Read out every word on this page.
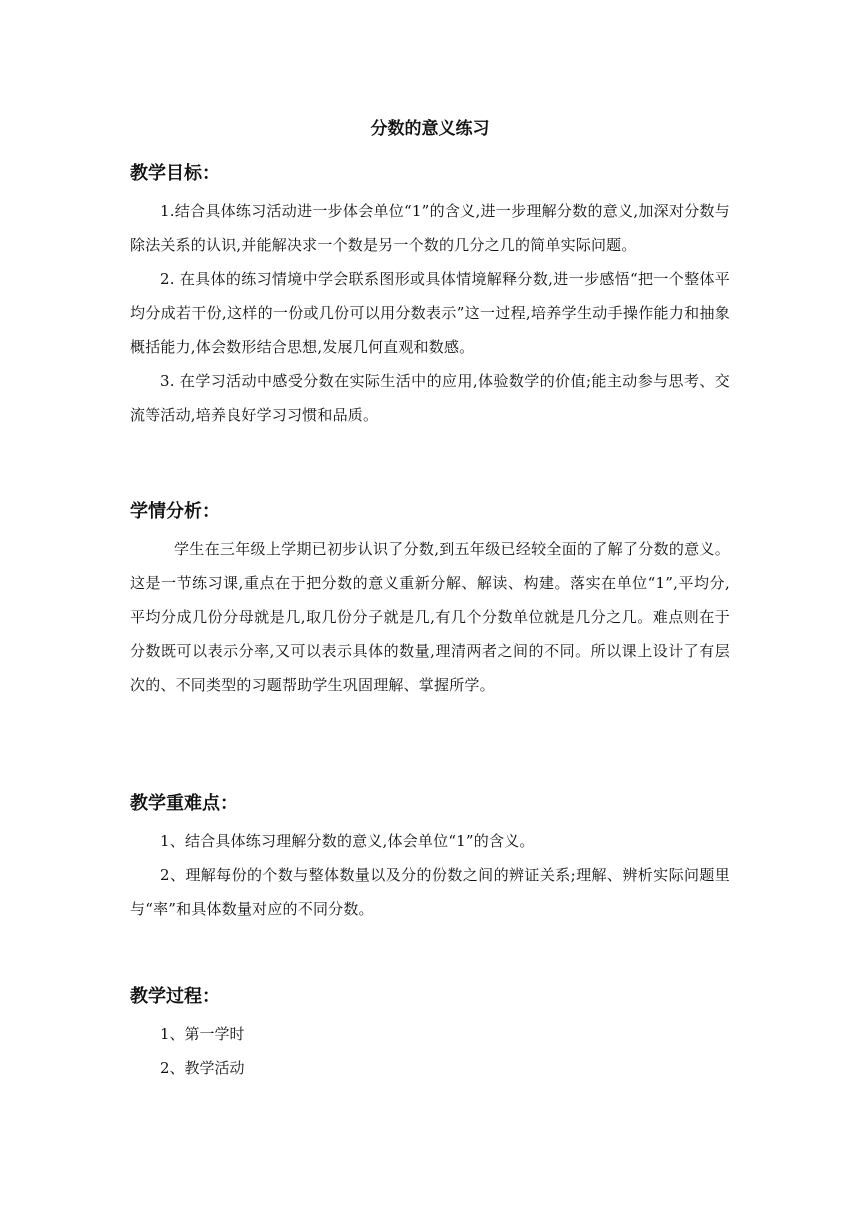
分数的意义练习
教学目标：

1.结合具体练习活动进一步体会单位“1”的含义,进一步理解分数的意义,加深对分数与除法关系的认识,并能解决求一个数是另一个数的几分之几的简单实际问题。

2. 在具体的练习情境中学会联系图形或具体情境解释分数,进一步感悟“把一个整体平均分成若干份,这样的一份或几份可以用分数表示”这一过程,培养学生动手操作能力和抽象概括能力,体会数形结合思想,发展几何直观和数感。

3. 在学习活动中感受分数在实际生活中的应用,体验数学的价值;能主动参与思考、交流等活动,培养良好学习习惯和品质。

学情分析：

学生在三年级上学期已初步认识了分数,到五年级已经较全面的了解了分数的意义。这是一节练习课,重点在于把分数的意义重新分解、解读、构建。落实在单位“1”,平均分,平均分成几份分母就是几,取几份分子就是几,有几个分数单位就是几分之几。难点则在于分数既可以表示分率,又可以表示具体的数量,理清两者之间的不同。所以课上设计了有层次的、不同类型的习题帮助学生巩固理解、掌握所学。

教学重难点：

1、结合具体练习理解分数的意义,体会单位“1”的含义。

2、理解每份的个数与整体数量以及分的份数之间的辨证关系;理解、辨析实际问题里与“率”和具体数量对应的不同分数。

教学过程：

1、第一学时

2、教学活动
